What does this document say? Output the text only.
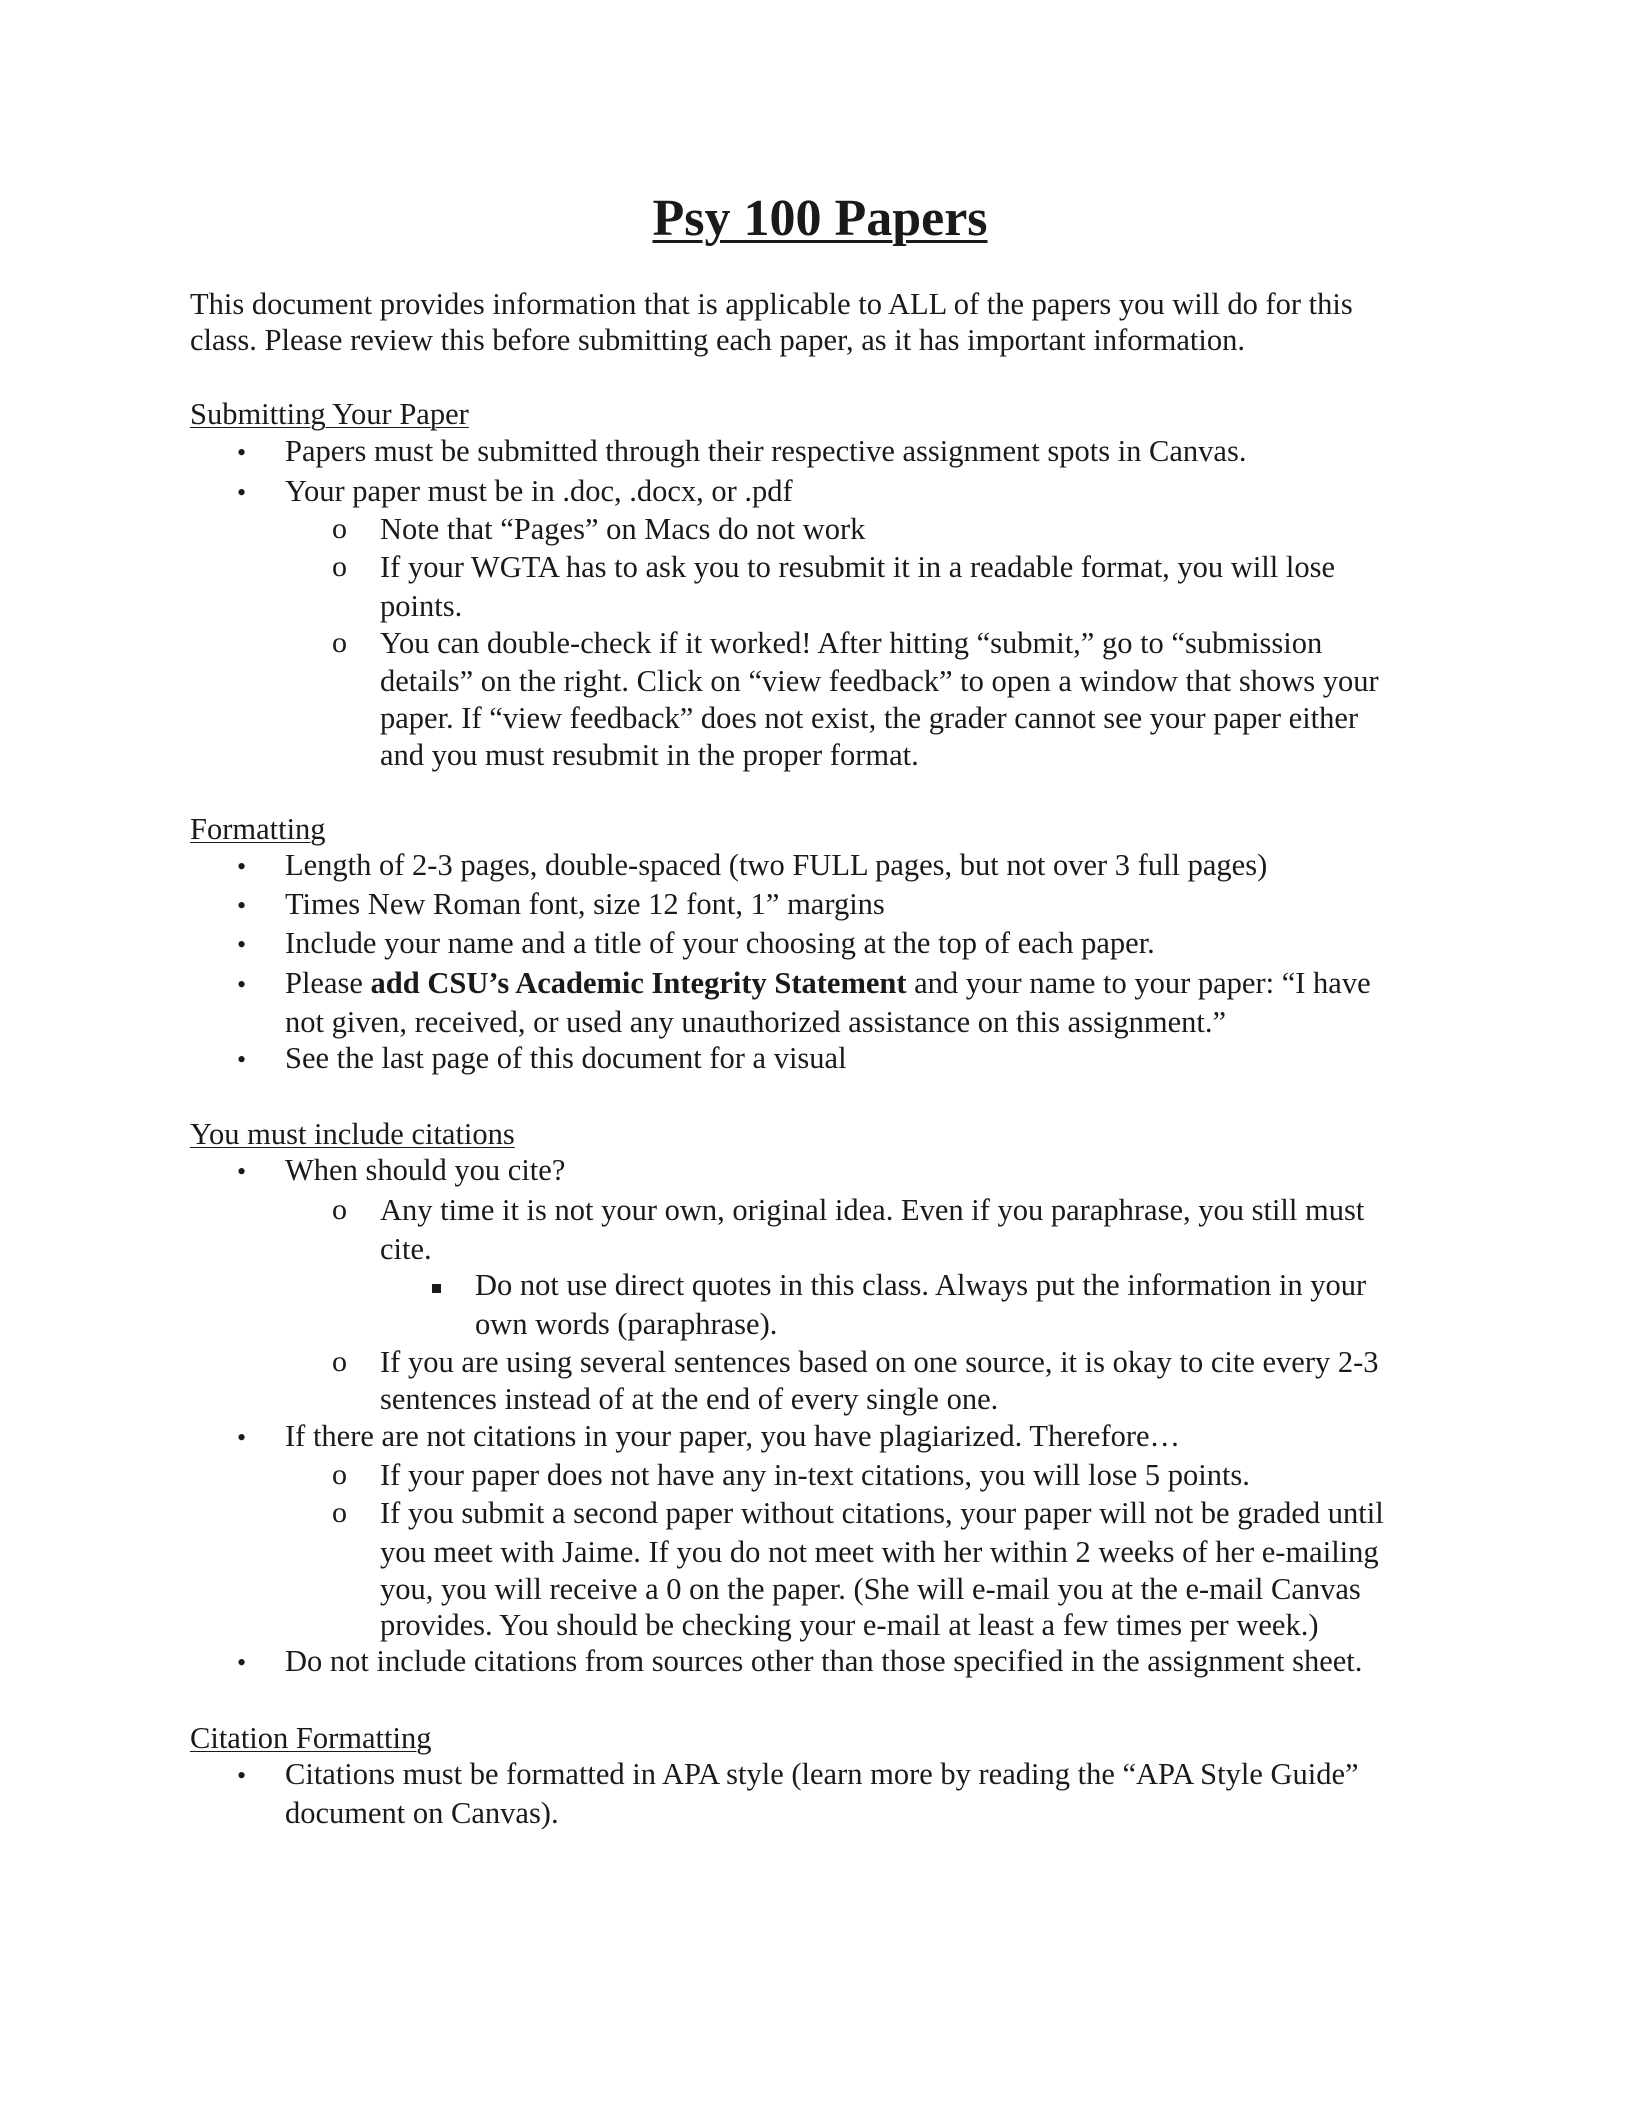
Psy 100 Papers
This document provides information that is applicable to ALL of the papers you will do for this
class. Please review this before submitting each paper, as it has important information.
Submitting Your Paper
• Papers must be submitted through their respective assignment spots in Canvas.
• Your paper must be in .doc, .docx, or .pdf
o Note that “Pages” on Macs do not work
o If your WGTA has to ask you to resubmit it in a readable format, you will lose
points.
o You can double-check if it worked! After hitting “submit,” go to “submission
details” on the right. Click on “view feedback” to open a window that shows your
paper. If “view feedback” does not exist, the grader cannot see your paper either
and you must resubmit in the proper format.
Formatting
• Length of 2-3 pages, double-spaced (two FULL pages, but not over 3 full pages)
• Times New Roman font, size 12 font, 1” margins
• Include your name and a title of your choosing at the top of each paper.
• Please add CSU’s Academic Integrity Statement and your name to your paper: “I have
not given, received, or used any unauthorized assistance on this assignment.”
• See the last page of this document for a visual
You must include citations
• When should you cite?
o Any time it is not your own, original idea. Even if you paraphrase, you still must
cite.
Do not use direct quotes in this class. Always put the information in your
own words (paraphrase).
o If you are using several sentences based on one source, it is okay to cite every 2-3
sentences instead of at the end of every single one.
• If there are not citations in your paper, you have plagiarized. Therefore…
o If your paper does not have any in-text citations, you will lose 5 points.
o If you submit a second paper without citations, your paper will not be graded until
you meet with Jaime. If you do not meet with her within 2 weeks of her e-mailing
you, you will receive a 0 on the paper. (She will e-mail you at the e-mail Canvas
provides. You should be checking your e-mail at least a few times per week.)
• Do not include citations from sources other than those specified in the assignment sheet.
Citation Formatting
• Citations must be formatted in APA style (learn more by reading the “APA Style Guide”
document on Canvas).
